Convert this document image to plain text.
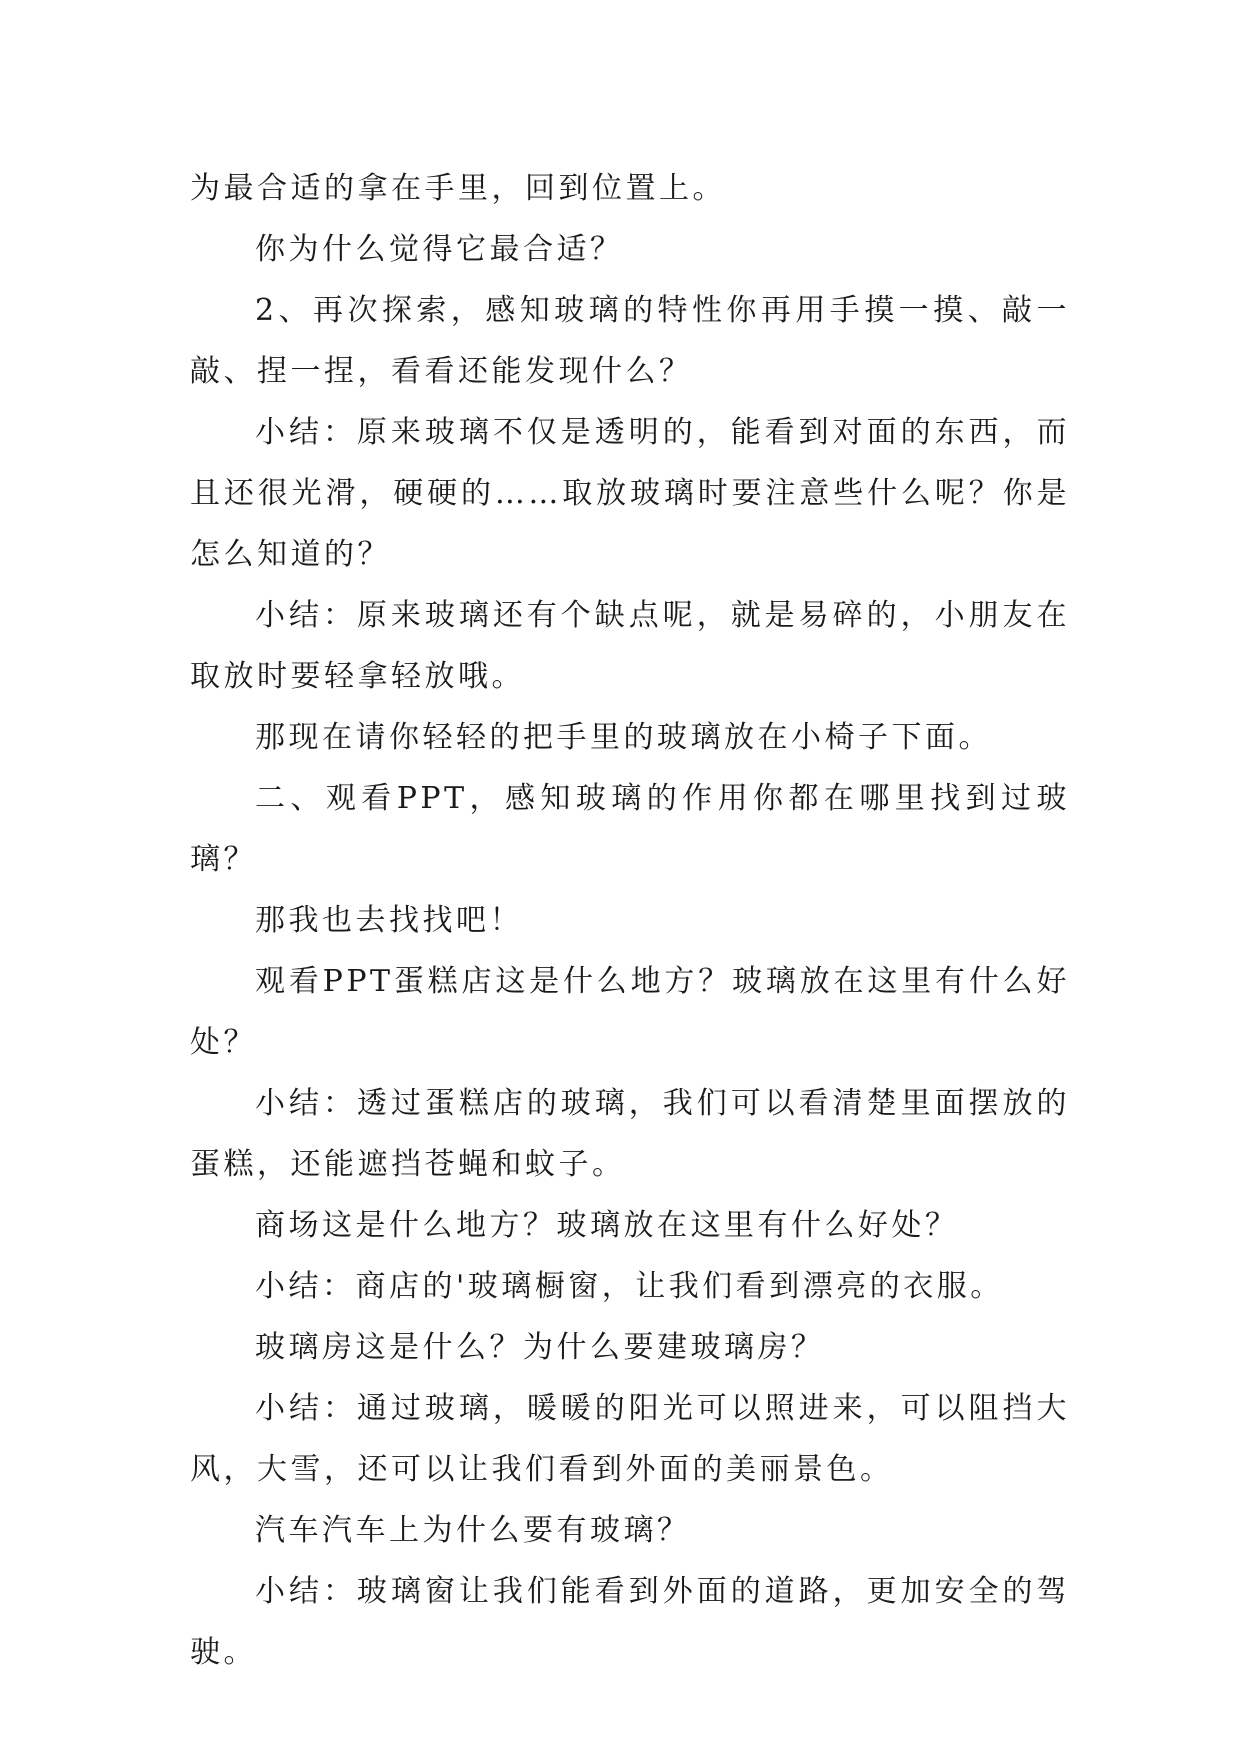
为最合适的拿在手里，回到位置上。

你为什么觉得它最合适？

2、再次探索，感知玻璃的特性你再用手摸一摸、敲一敲、捏一捏，看看还能发现什么？

小结：原来玻璃不仅是透明的，能看到对面的东西，而且还很光滑，硬硬的……取放玻璃时要注意些什么呢？你是怎么知道的？

小结：原来玻璃还有个缺点呢，就是易碎的，小朋友在取放时要轻拿轻放哦。

那现在请你轻轻的把手里的玻璃放在小椅子下面。

二、观看PPT，感知玻璃的作用你都在哪里找到过玻璃？

那我也去找找吧！

观看PPT蛋糕店这是什么地方？玻璃放在这里有什么好处？

小结：透过蛋糕店的玻璃，我们可以看清楚里面摆放的蛋糕，还能遮挡苍蝇和蚊子。

商场这是什么地方？玻璃放在这里有什么好处？

小结：商店的'玻璃橱窗，让我们看到漂亮的衣服。

玻璃房这是什么？为什么要建玻璃房？

小结：通过玻璃，暖暖的阳光可以照进来，可以阻挡大风，大雪，还可以让我们看到外面的美丽景色。

汽车汽车上为什么要有玻璃？

小结：玻璃窗让我们能看到外面的道路，更加安全的驾驶。
